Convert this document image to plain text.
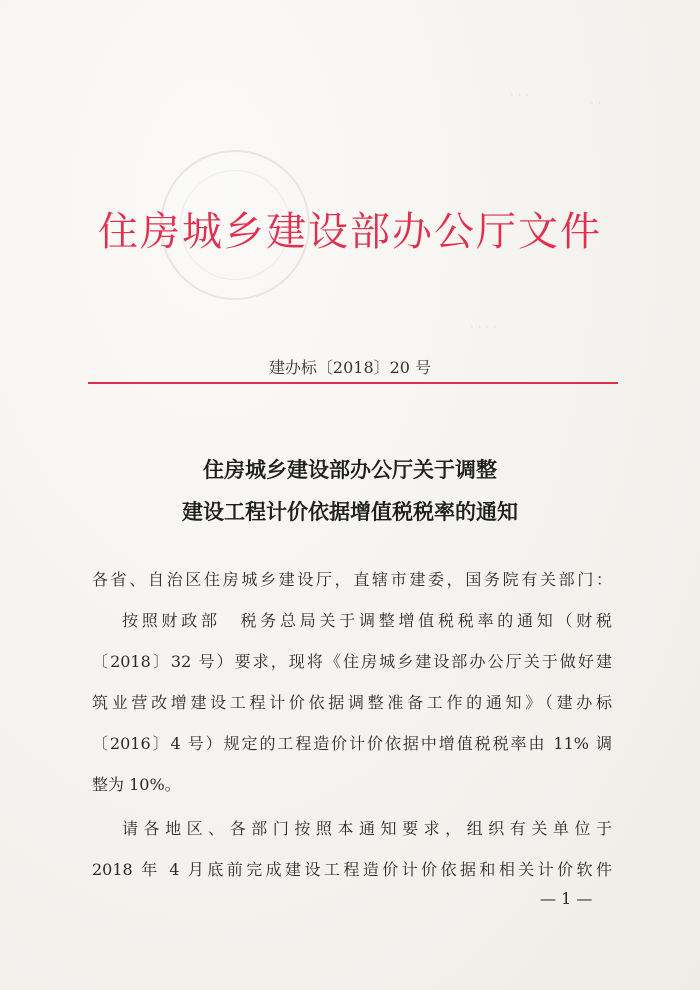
· · ·
· ·
· · · ·
住房城乡建设部办公厅文件
建办标〔2018〕20 号
住房城乡建设部办公厅关于调整
建设工程计价依据增值税税率的通知
各省、自治区住房城乡建设厅，直辖市建委，国务院有关部门：
按照财政部　税务总局关于调整增值税税率的通知（财税
〔2018〕32 号）要求，现将《住房城乡建设部办公厅关于做好建
筑业营改增建设工程计价依据调整准备工作的通知》（建办标
〔2016〕4 号）规定的工程造价计价依据中增值税税率由 11% 调
整为 10%。
请各地区、各部门按照本通知要求，组织有关单位于
2018 年 4 月底前完成建设工程造价计价依据和相关计价软件
— 1 —
